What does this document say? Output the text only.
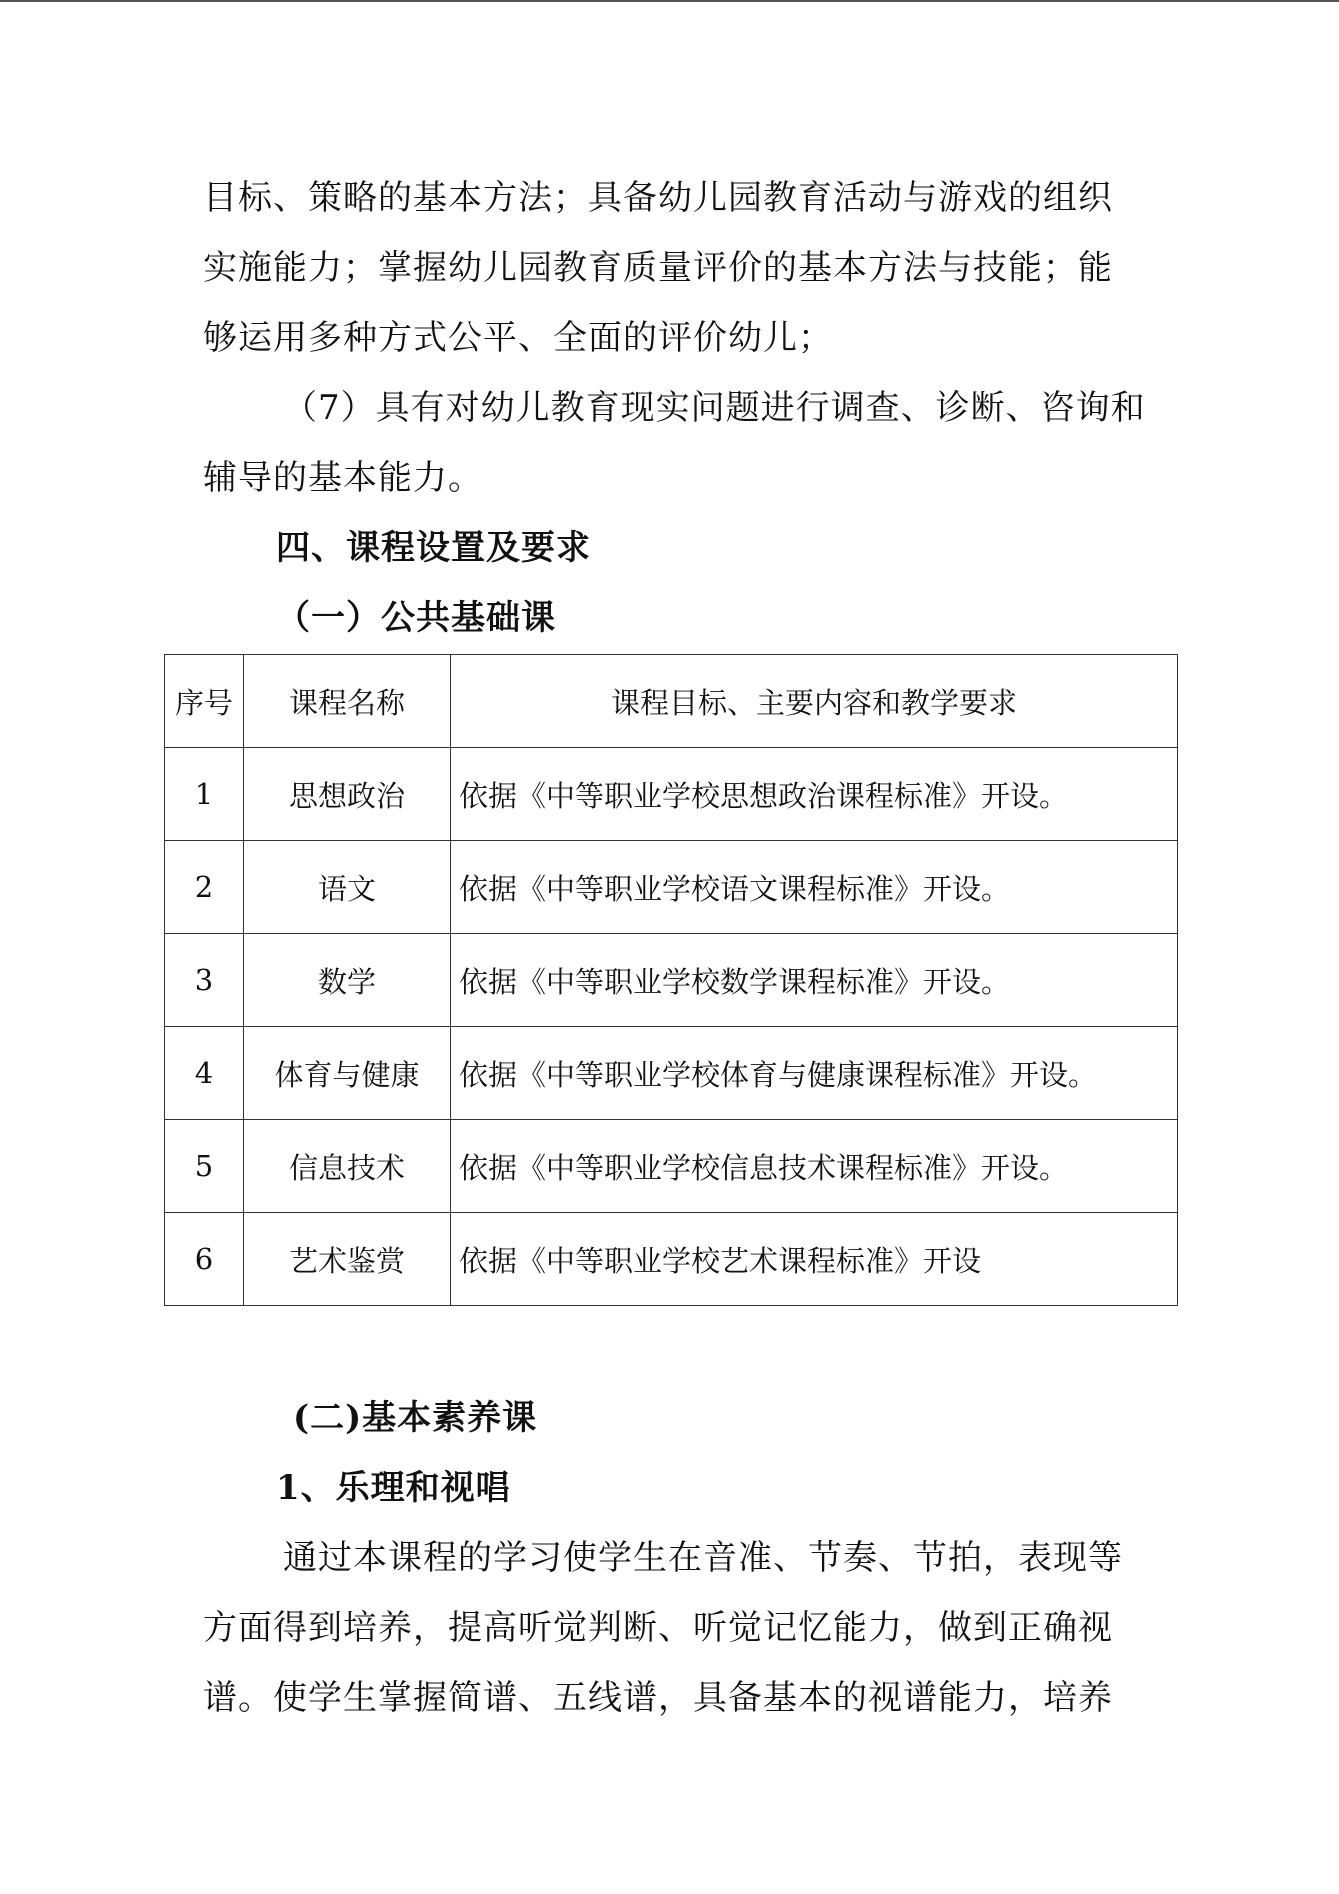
目标、策略的基本方法；具备幼儿园教育活动与游戏的组织
实施能力；掌握幼儿园教育质量评价的基本方法与技能；能
够运用多种方式公平、全面的评价幼儿；
（7）具有对幼儿教育现实问题进行调查、诊断、咨询和
辅导的基本能力。
四、课程设置及要求
（一）公共基础课
序号	课程名称	课程目标、主要内容和教学要求
1	思想政治	依据《中等职业学校思想政治课程标准》开设。
2	语文	依据《中等职业学校语文课程标准》开设。
3	数学	依据《中等职业学校数学课程标准》开设。
4	体育与健康	依据《中等职业学校体育与健康课程标准》开设。
5	信息技术	依据《中等职业学校信息技术课程标准》开设。
6	艺术鉴赏	依据《中等职业学校艺术课程标准》开设
(二)基本素养课
1、乐理和视唱
通过本课程的学习使学生在音准、节奏、节拍，表现等
方面得到培养，提高听觉判断、听觉记忆能力，做到正确视
谱。使学生掌握简谱、五线谱，具备基本的视谱能力，培养
